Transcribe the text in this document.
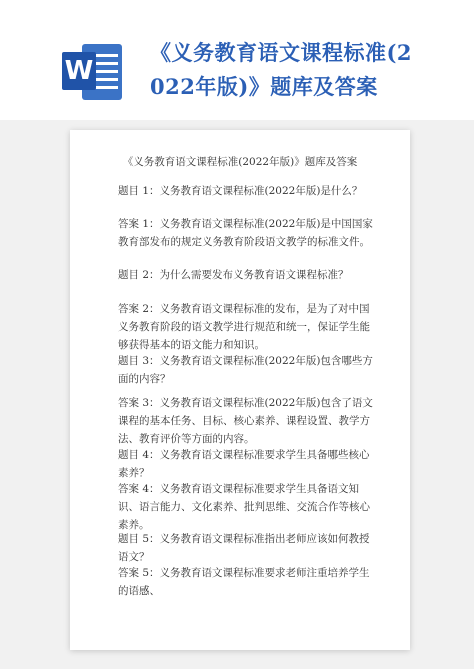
W
《义务教育语文课程标准(2
022年版)》题库及答案
《义务教育语文课程标准(2022年版)》题库及答案
题目 1：义务教育语文课程标准(2022年版)是什么？
答案 1：义务教育语文课程标准(2022年版)是中国国家教育部发布的规定义务教育阶段语文教学的标准文件。
题目 2：为什么需要发布义务教育语文课程标准？
答案 2：义务教育语文课程标准的发布，是为了对中国义务教育阶段的语文教学进行规范和统一，保证学生能够获得基本的语文能力和知识。
题目 3：义务教育语文课程标准(2022年版)包含哪些方面的内容？
答案 3：义务教育语文课程标准(2022年版)包含了语文课程的基本任务、目标、核心素养、课程设置、教学方法、教育评价等方面的内容。
题目 4：义务教育语文课程标准要求学生具备哪些核心素养？
答案 4：义务教育语文课程标准要求学生具备语文知识、语言能力、文化素养、批判思维、交流合作等核心素养。
题目 5：义务教育语文课程标准指出老师应该如何教授语文？
答案 5：义务教育语文课程标准要求老师注重培养学生的语感、
